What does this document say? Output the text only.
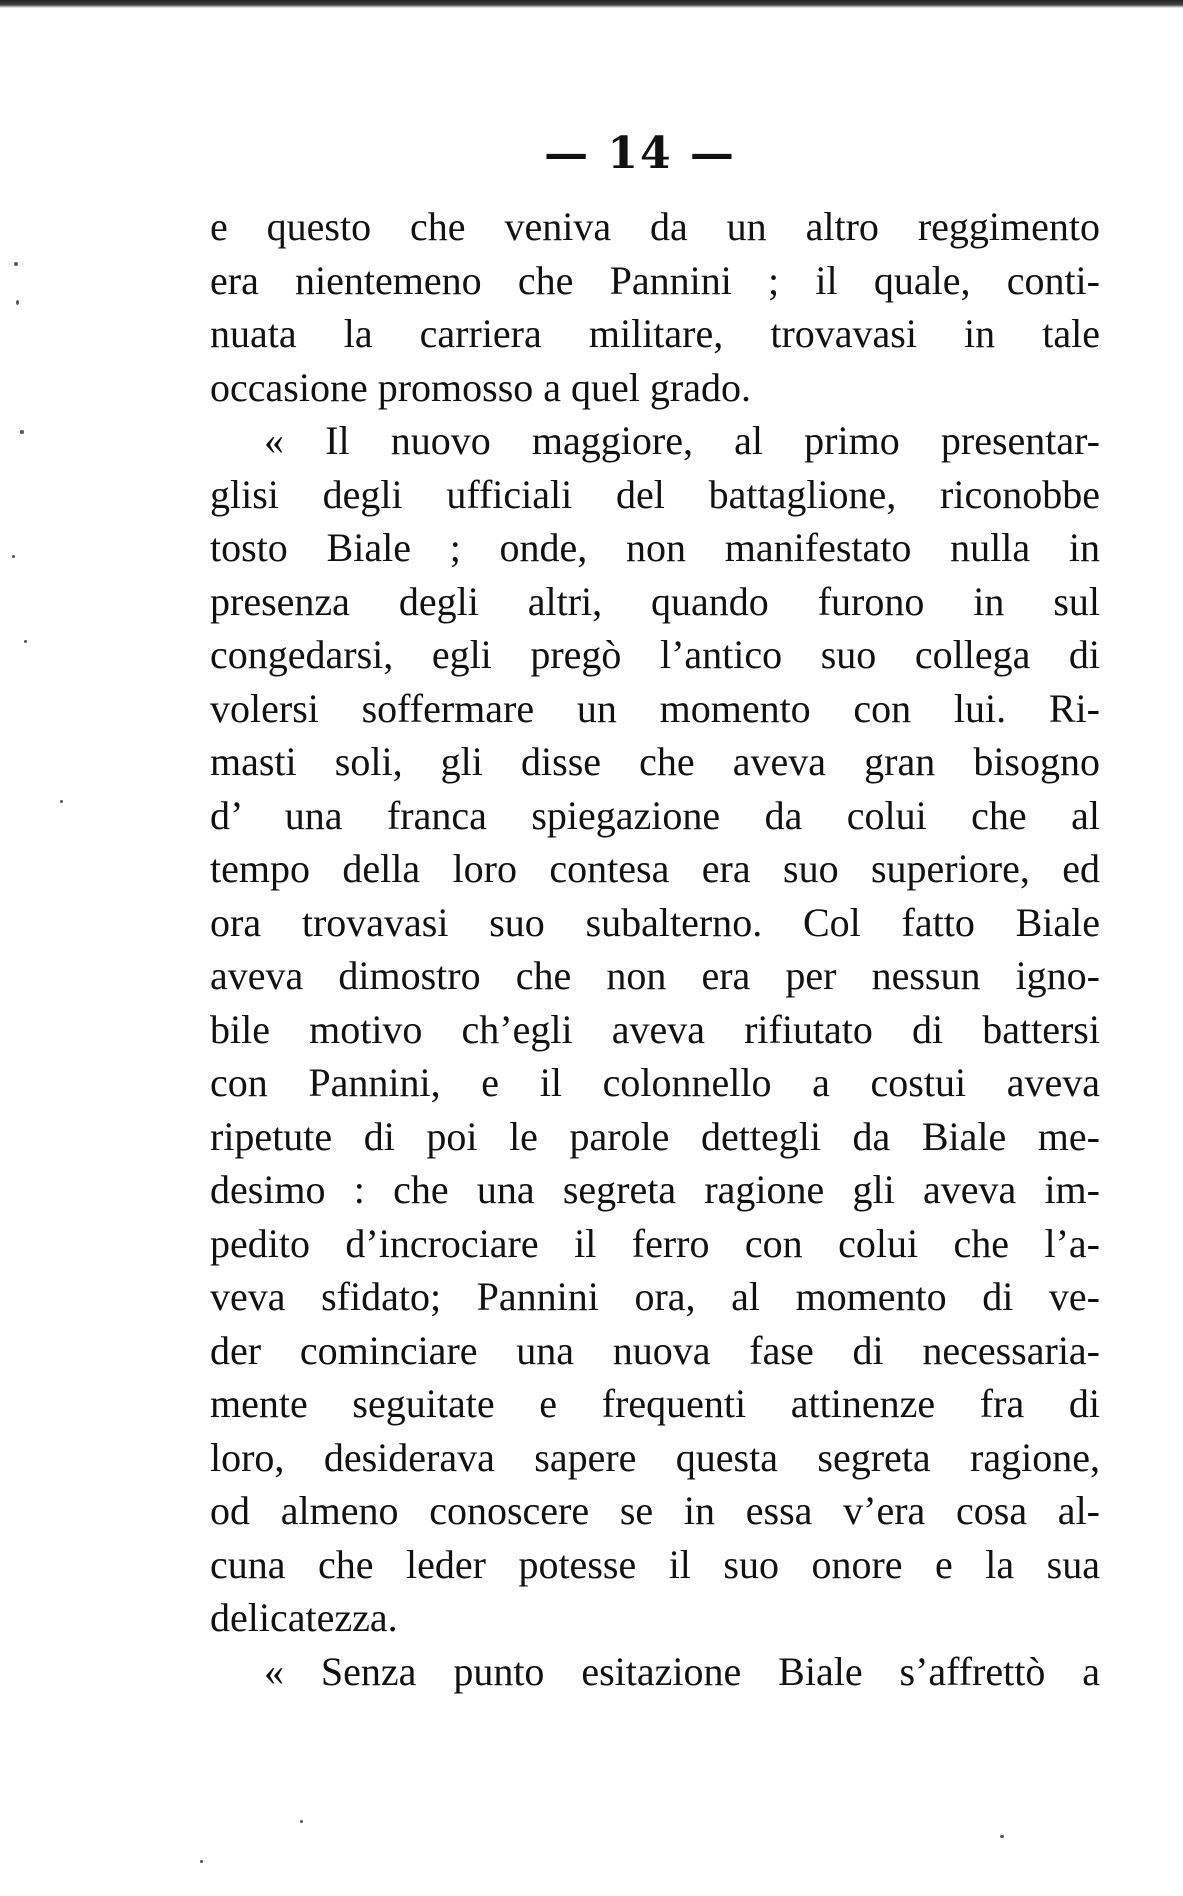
— 14 —
e questo che veniva da un altro reggimento
era nientemeno che Pannini ; il quale, conti-
nuata la carriera militare, trovavasi in tale
occasione promosso a quel grado.
« Il nuovo maggiore, al primo presentar-
glisi degli ufficiali del battaglione, riconobbe
tosto Biale ; onde, non manifestato nulla in
presenza degli altri, quando furono in sul
congedarsi, egli pregò l’antico suo collega di
volersi soffermare un momento con lui. Ri-
masti soli, gli disse che aveva gran bisogno
d’ una franca spiegazione da colui che al
tempo della loro contesa era suo superiore, ed
ora trovavasi suo subalterno. Col fatto Biale
aveva dimostro che non era per nessun igno-
bile motivo ch’egli aveva rifiutato di battersi
con Pannini, e il colonnello a costui aveva
ripetute di poi le parole dettegli da Biale me-
desimo : che una segreta ragione gli aveva im-
pedito d’incrociare il ferro con colui che l’a-
veva sfidato; Pannini ora, al momento di ve-
der cominciare una nuova fase di necessaria-
mente seguitate e frequenti attinenze fra di
loro, desiderava sapere questa segreta ragione,
od almeno conoscere se in essa v’era cosa al-
cuna che leder potesse il suo onore e la sua
delicatezza.
« Senza punto esitazione Biale s’affrettò a
